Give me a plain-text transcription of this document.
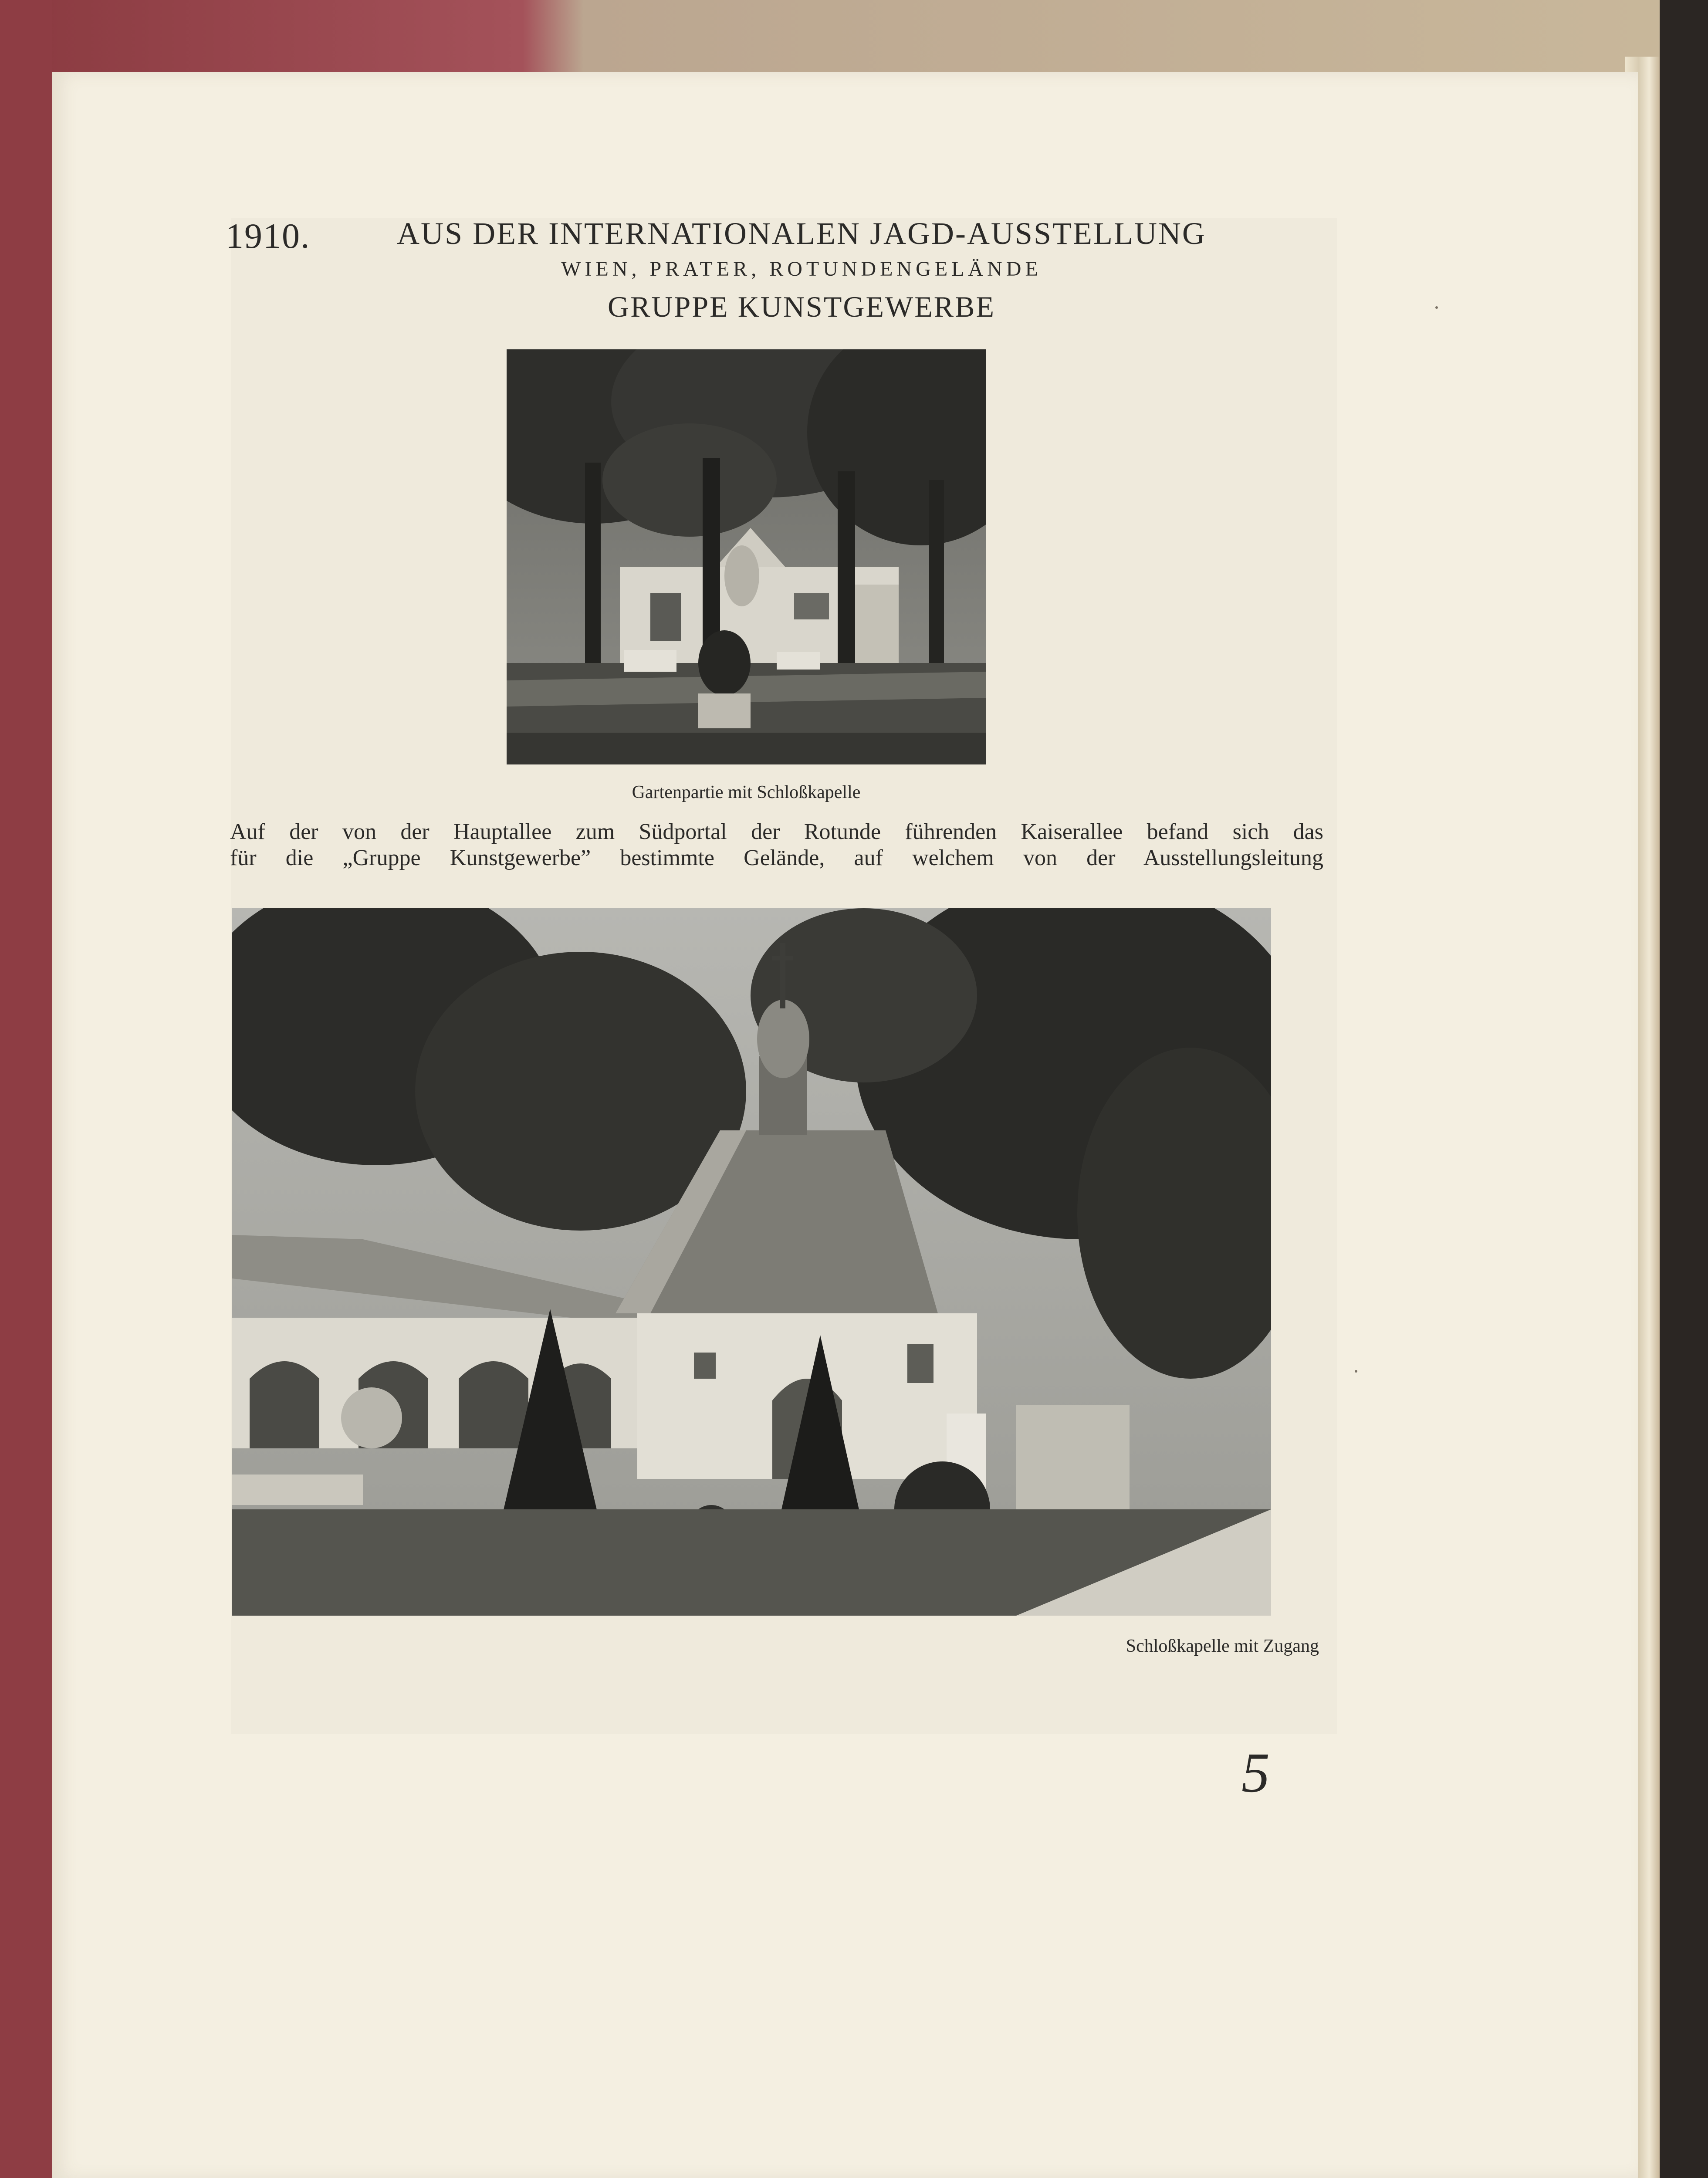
1910.	AUS DER INTERNATIONALEN JAGD-AUSSTELLUNG
WIEN, PRATER, ROTUNDENGELÄNDE
GRUPPE KUNSTGEWERBE
Gartenpartie mit Schloßkapelle
Auf der von der Hauptallee zum Südportal der Rotunde führenden Kaiserallee befand sich das
für die „Gruppe Kunstgewerbe” bestimmte Gelände, auf welchem von der Ausstellungsleitung
Schloßkapelle mit Zugang
5
